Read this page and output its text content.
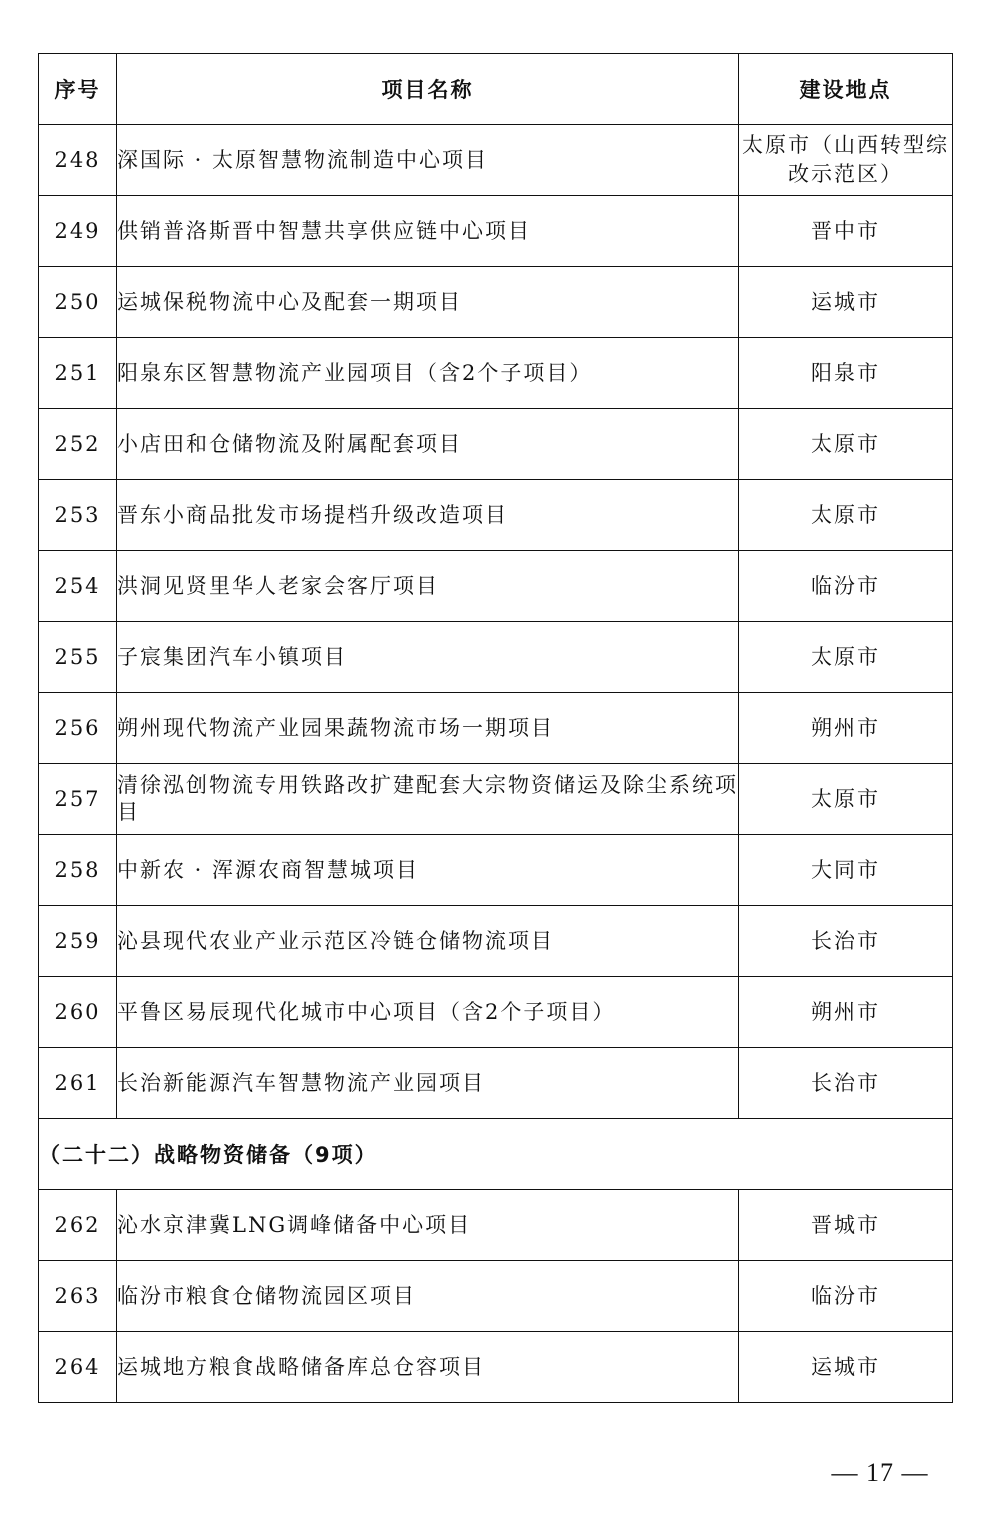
序号	项目名称	建设地点
248	深国际 · 太原智慧物流制造中心项目	太原市（山西转型综改示范区）
249	供销普洛斯晋中智慧共享供应链中心项目	晋中市
250	运城保税物流中心及配套一期项目	运城市
251	阳泉东区智慧物流产业园项目（含2个子项目）	阳泉市
252	小店田和仓储物流及附属配套项目	太原市
253	晋东小商品批发市场提档升级改造项目	太原市
254	洪洞见贤里华人老家会客厅项目	临汾市
255	子宸集团汽车小镇项目	太原市
256	朔州现代物流产业园果蔬物流市场一期项目	朔州市
257	清徐泓创物流专用铁路改扩建配套大宗物资储运及除尘系统项目	太原市
258	中新农 · 浑源农商智慧城项目	大同市
259	沁县现代农业产业示范区冷链仓储物流项目	长治市
260	平鲁区易辰现代化城市中心项目（含2个子项目）	朔州市
261	长治新能源汽车智慧物流产业园项目	长治市
（二十二）战略物资储备（9项）		
262	沁水京津冀LNG调峰储备中心项目	晋城市
263	临汾市粮食仓储物流园区项目	临汾市
264	运城地方粮食战略储备库总仓容项目	运城市
— 17 —
